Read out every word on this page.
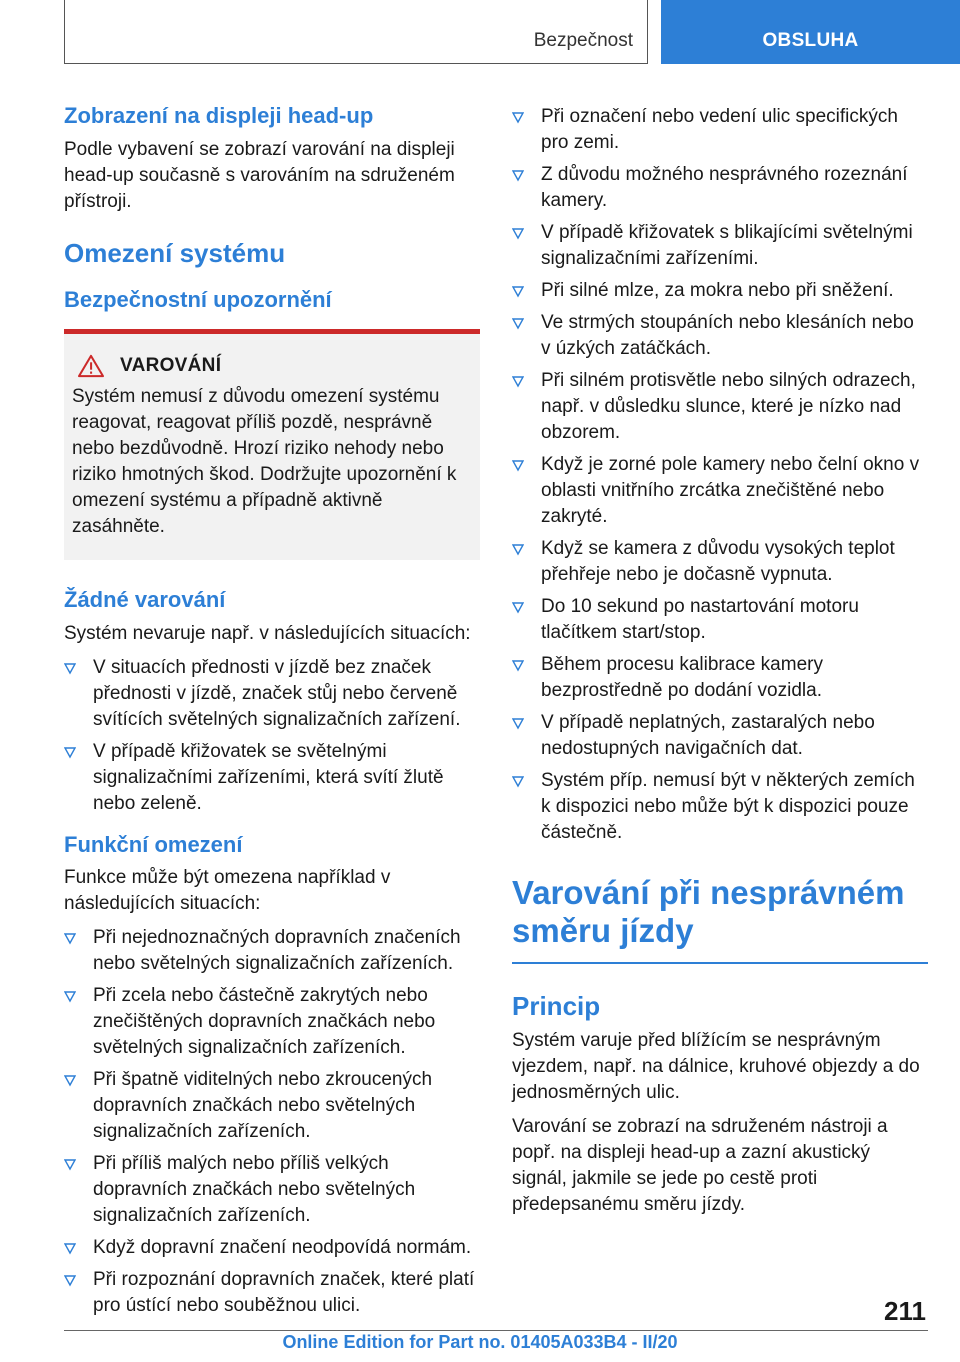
Bezpečnost	OBSLUHA
Zobrazení na displeji head-up

Podle vybavení se zobrazí varování na displeji head-up současně s varováním na sdruženém přístroji.

Omezení systému
Bezpečnostní upozornění
VAROVÁNÍ

Systém nemusí z důvodu omezení systému reagovat, reagovat příliš pozdě, nesprávně nebo bezdůvodně. Hrozí riziko nehody nebo riziko hmotných škod. Dodržujte upozornění k omezení systému a případně aktivně zasáhněte.

Žádné varování

Systém nevaruje např. v následujících situacích:

V situacích přednosti v jízdě bez značek přednosti v jízdě, značek stůj nebo červeně svítících světelných signalizačních zařízení.
V případě křižovatek se světelnými signalizačními zařízeními, která svítí žlutě nebo zeleně.
Funkční omezení

Funkce může být omezena například v následujících situacích:

Při nejednoznačných dopravních značeních nebo světelných signalizačních zařízeních.
Při zcela nebo částečně zakrytých nebo znečištěných dopravních značkách nebo světelných signalizačních zařízeních.
Při špatně viditelných nebo zkroucených dopravních značkách nebo světelných signalizačních zařízeních.
Při příliš malých nebo příliš velkých dopravních značkách nebo světelných signalizačních zařízeních.
Když dopravní značení neodpovídá normám.
Při rozpoznání dopravních značek, které platí pro ústící nebo souběžnou ulici.
Při označení nebo vedení ulic specifických pro zemi.
Z důvodu možného nesprávného rozeznání kamery.
V případě křižovatek s blikajícími světelnými signalizačními zařízeními.
Při silné mlze, za mokra nebo při sněžení.
Ve strmých stoupáních nebo klesáních nebo v úzkých zatáčkách.
Při silném protisvětle nebo silných odrazech, např. v důsledku slunce, které je nízko nad obzorem.
Když je zorné pole kamery nebo čelní okno v oblasti vnitřního zrcátka znečištěné nebo zakryté.
Když se kamera z důvodu vysokých teplot přehřeje nebo je dočasně vypnuta.
Do 10 sekund po nastartování motoru tlačítkem start/stop.
Během procesu kalibrace kamery bezprostředně po dodání vozidla.
V případě neplatných, zastaralých nebo nedostupných navigačních dat.
Systém příp. nemusí být v některých zemích k dispozici nebo může být k dispozici pouze částečně.
Varování při nesprávném směru jízdy
Princip

Systém varuje před blížícím se nesprávným vjezdem, např. na dálnice, kruhové objezdy a do jednosměrných ulic.

Varování se zobrazí na sdruženém nástroji a popř. na displeji head-up a zazní akustický signál, jakmile se jede po cestě proti předepsanému směru jízdy.

211
Online Edition for Part no. 01405A033B4 - II/20
